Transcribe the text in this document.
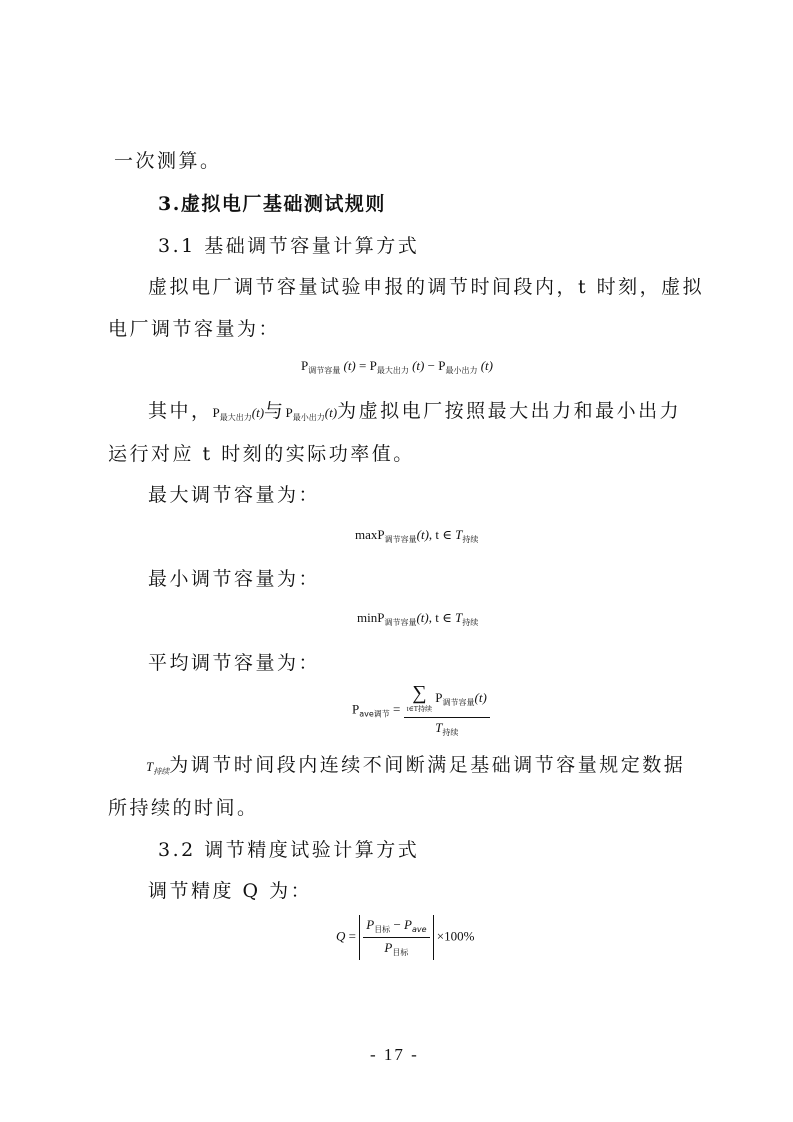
一次测算。
3.虚拟电厂基础测试规则
3.1 基础调节容量计算方式
虚拟电厂调节容量试验申报的调节时间段内，t 时刻，虚拟
电厂调节容量为：
$P_{调节容量}$ $(t) = P_{最大出力}$ $(t) - P_{最小出力}$ (t)
其中，$P_{最大出力}(t)$与$P_{最小出力}(t)$为虚拟电厂按照最大出力和最小出力
运行对应 t 时刻的实际功率值。
最大调节容量为：
maxP$_{调节容量}$(t), t ∈ $T_{持续}$
最小调节容量为：
minP$_{调节容量}$(t), t ∈ $T_{持续}$
平均调节容量为：
$P_{ave调节}$ = ∑
t∈T持续
$P_{调节容量}(t)$
$T_{持续}$
$T_{持续}$为调节时间段内连续不间断满足基础调节容量规定数据
所持续的时间。
3.2 调节精度试验计算方式
调节精度 Q 为：
$Q = \frac{P_{目标} - P_{ave}}{P_{目标}} \times 100\%$
- 17 -
